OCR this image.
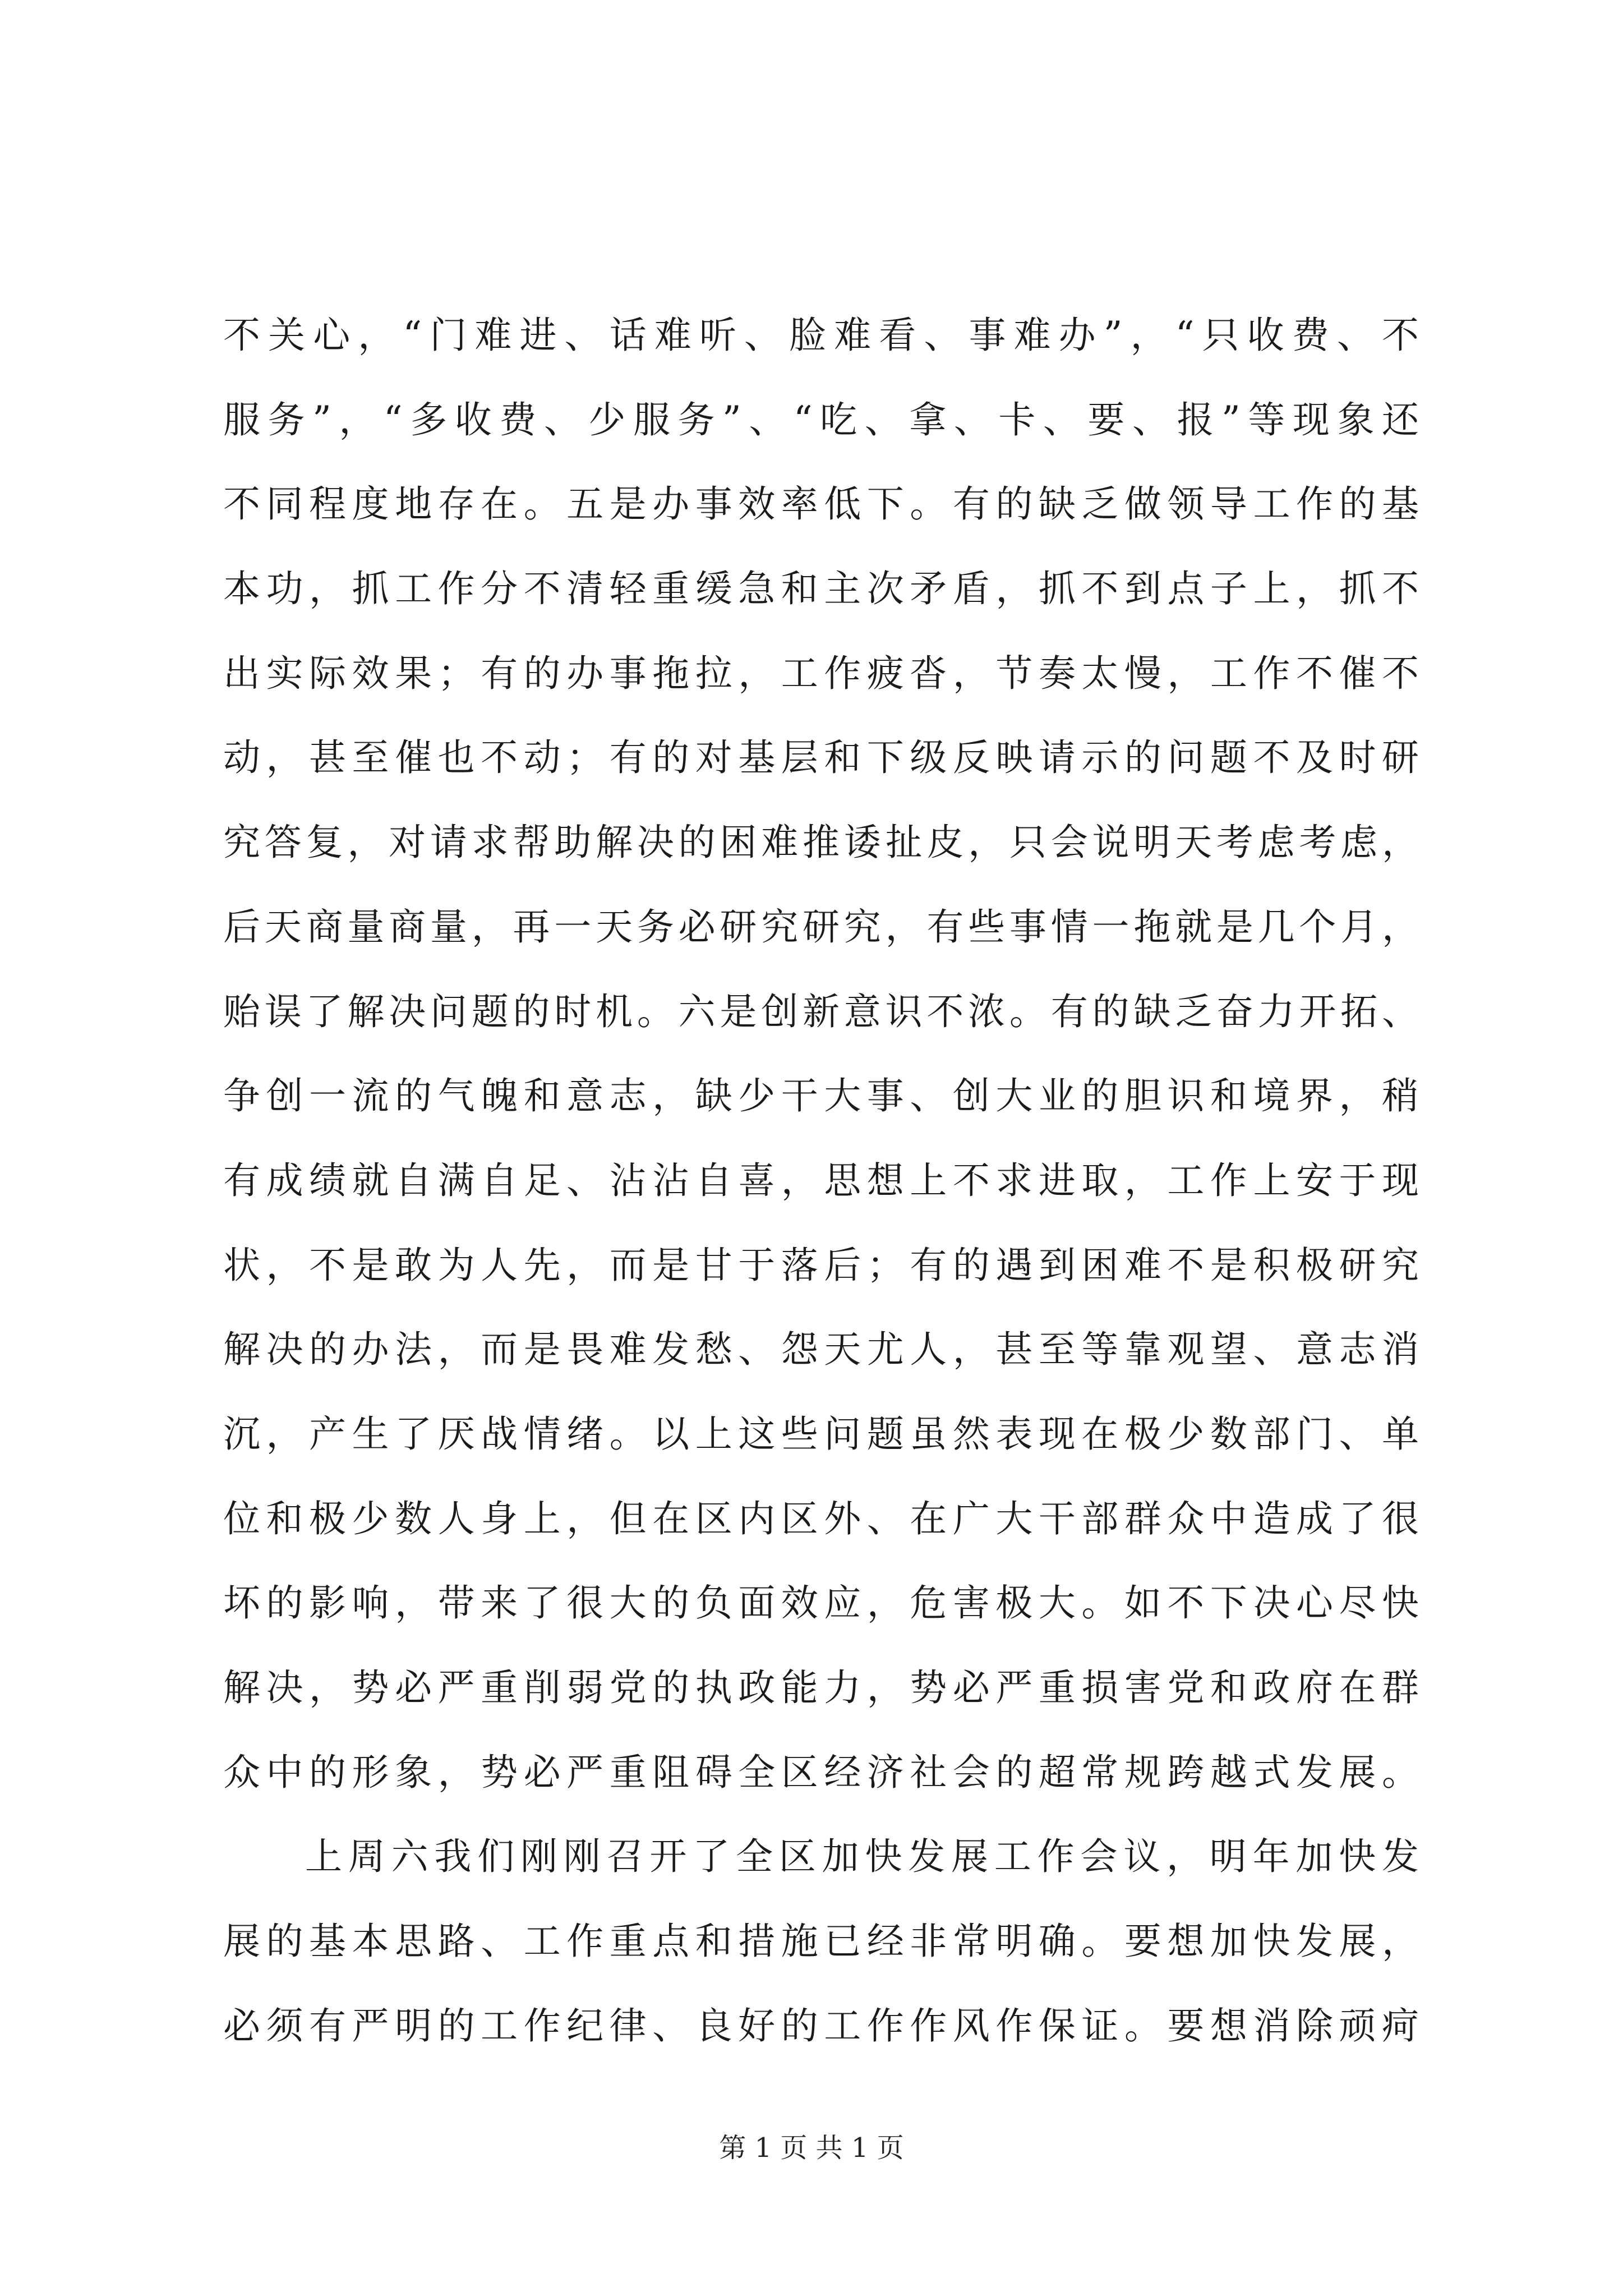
不关心，“门难进、话难听、脸难看、事难办”，“只收费、不
服务”，“多收费、少服务”、“吃、拿、卡、要、报”等现象还
不同程度地存在。五是办事效率低下。有的缺乏做领导工作的基
本功，抓工作分不清轻重缓急和主次矛盾，抓不到点子上，抓不
出实际效果；有的办事拖拉，工作疲沓，节奏太慢，工作不催不
动，甚至催也不动；有的对基层和下级反映请示的问题不及时研
究答复，对请求帮助解决的困难推诿扯皮，只会说明天考虑考虑，
后天商量商量，再一天务必研究研究，有些事情一拖就是几个月，
贻误了解决问题的时机。六是创新意识不浓。有的缺乏奋力开拓、
争创一流的气魄和意志，缺少干大事、创大业的胆识和境界，稍
有成绩就自满自足、沾沾自喜，思想上不求进取，工作上安于现
状，不是敢为人先，而是甘于落后；有的遇到困难不是积极研究
解决的办法，而是畏难发愁、怨天尤人，甚至等靠观望、意志消
沉，产生了厌战情绪。以上这些问题虽然表现在极少数部门、单
位和极少数人身上，但在区内区外、在广大干部群众中造成了很
坏的影响，带来了很大的负面效应，危害极大。如不下决心尽快
解决，势必严重削弱党的执政能力，势必严重损害党和政府在群
众中的形象，势必严重阻碍全区经济社会的超常规跨越式发展。
上周六我们刚刚召开了全区加快发展工作会议，明年加快发
展的基本思路、工作重点和措施已经非常明确。要想加快发展，
必须有严明的工作纪律、良好的工作作风作保证。要想消除顽疴
第 1 页 共 1 页
